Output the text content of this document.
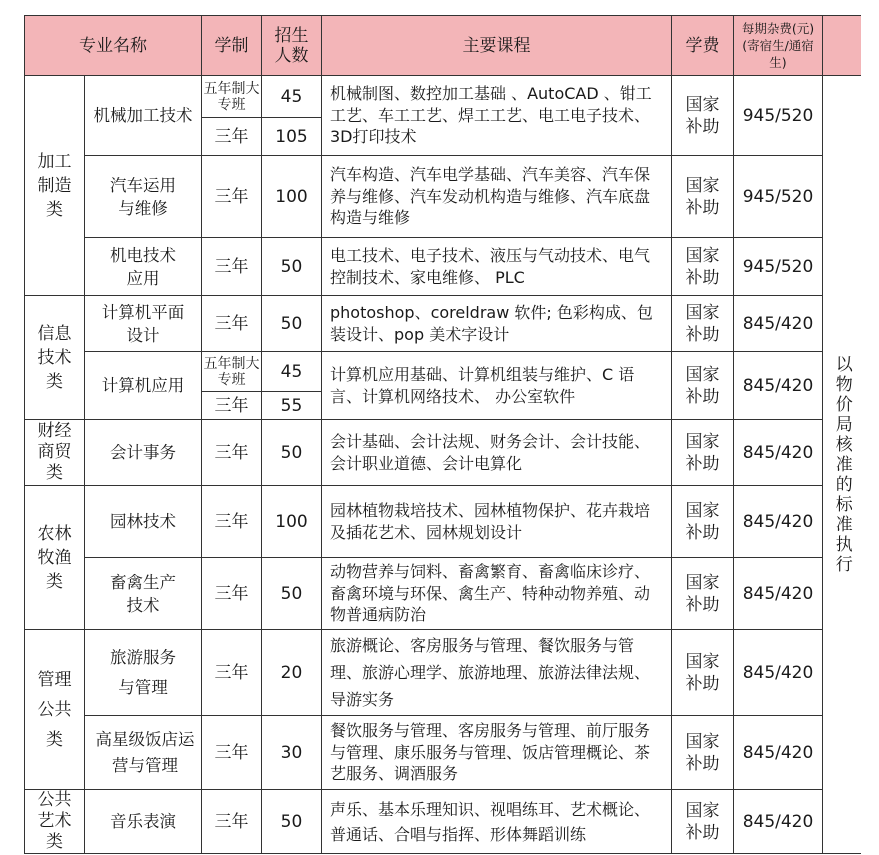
专业名称		学制	招生人数	主要课程	学费	每期杂费(元)(寄宿生/通宿生)	
加工制造类	机械加工技术	五年制大专班	45	机械制图、数控加工基础 、AutoCAD 、钳工工艺、车工工艺、焊工工艺、电工电子技术、3D打印技术	国家补助	945/520	以物价局核准的标准执行
		三年	105				
	汽车运用与维修	三年	100	汽车构造、汽车电学基础、汽车美容、汽车保养与维修、汽车发动机构造与维修、汽车底盘构造与维修	国家补助	945/520	
	机电技术应用	三年	50	电工技术、电子技术、液压与气动技术、电气控制技术、家电维修、 PLC	国家补助	945/520	
信息技术类	计算机平面设计	三年	50	photoshop、coreldraw 软件; 色彩构成、包装设计、pop 美术字设计	国家补助	845/420	
	计算机应用	五年制大专班	45	计算机应用基础、计算机组装与维护、C 语言、计算机网络技术、 办公室软件	国家补助	845/420	
		三年	55				
财经商贸类	会计事务	三年	50	会计基础、会计法规、财务会计、会计技能、会计职业道德、会计电算化	国家补助	845/420	
农林牧渔类	园林技术	三年	100	园林植物栽培技术、园林植物保护、花卉栽培及插花艺术、园林规划设计	国家补助	845/420	
	畜禽生产技术	三年	50	动物营养与饲料、畜禽繁育、畜禽临床诊疗、畜禽环境与环保、禽生产、特种动物养殖、动物普通病防治	国家补助	845/420	
管理公共类	旅游服务与管理	三年	20	旅游概论、客房服务与管理、餐饮服务与管理、旅游心理学、旅游地理、旅游法律法规、导游实务	国家补助	845/420	
	高星级饭店运营与管理	三年	30	餐饮服务与管理、客房服务与管理、前厅服务与管理、康乐服务与管理、饭店管理概论、茶艺服务、调酒服务	国家补助	845/420	
公共艺术类	音乐表演	三年	50	声乐、基本乐理知识、视唱练耳、艺术概论、普通话、合唱与指挥、形体舞蹈训练	国家补助	845/420	
